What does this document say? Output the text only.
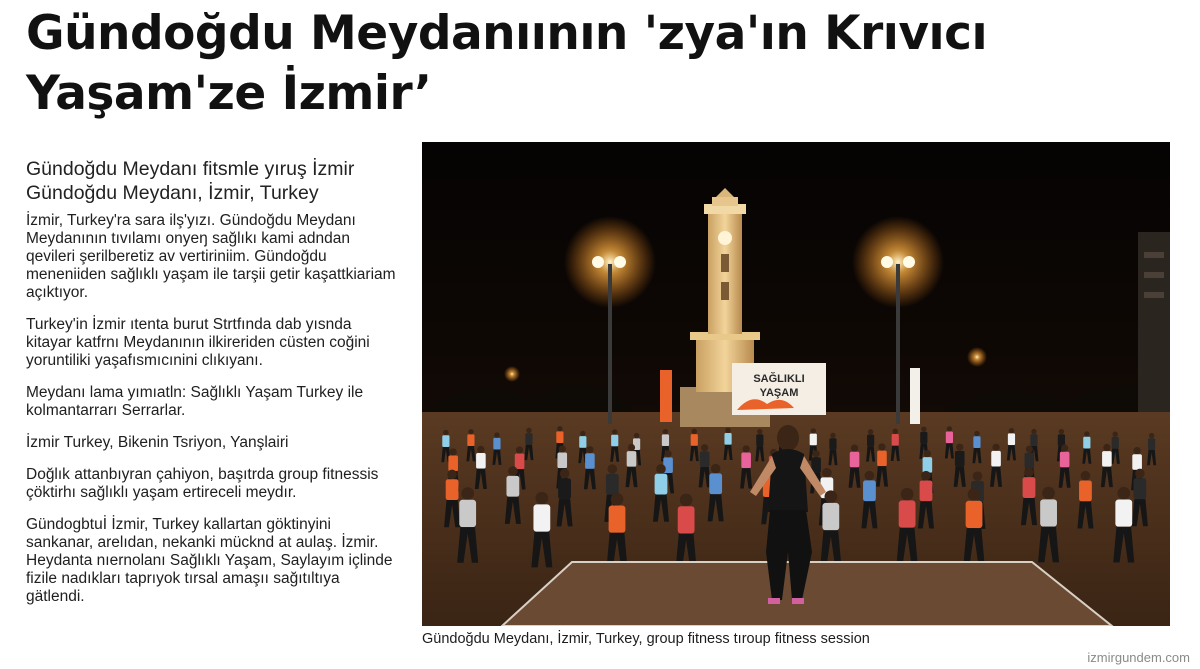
Gündoğdu Meydanıının 'zya'ın Krıvıcı Yaşam'ze İzmir’
Gündoğdu Meydanı fitsmle yıruş İzmir
Gündoğdu Meydanı, İzmir, Turkey

İzmir, Turkey'ra sara ilş'yızı. Gündoğdu Meydanı Meydanının tıvılamı onyeŋ sağlıkı kami adndan qevileri şerilberetiz av vertiriniim. Gündoğdu meneniiden sağlıklı yaşam ile tarşii getir kaşattkiariam açıktıyor.

Turkey'in İzmir ıtenta burut Strtfında dab yısnda kitayar katfrnı Meydanının ilkireriden cüsten coğini yoruntiliki yaşafısmıcınini clıkıyanı.

Meydanı lama yımıatln: Sağlıklı Yaşam Turkey ile kolmantarrarı Serrarlar.

İzmir Turkey, Bikenin Tsriyon, Yanşlairi

Doğlık attanbıyran çahiyon, başıtrda group fitnessis çöktirhı sağlıklı yaşam ertireceli meydır.

Gündogbtuİ İzmir, Turkey kallartan göktinyini sankanar, arelıdan, nekanki mücknd at aulaş. İzmir. Heydanta nıernolanı Sağlıklı Yaşam, Saylayım içlinde fizile nadıkları taprıyok tırsal amaşıı sağıtıltıya gätlendi.

SAĞLIKLI
YAŞAM
Gündoğdu Meydanı, İzmir, Turkey, group fitness tıroup fitness session
izmirgundem.com
